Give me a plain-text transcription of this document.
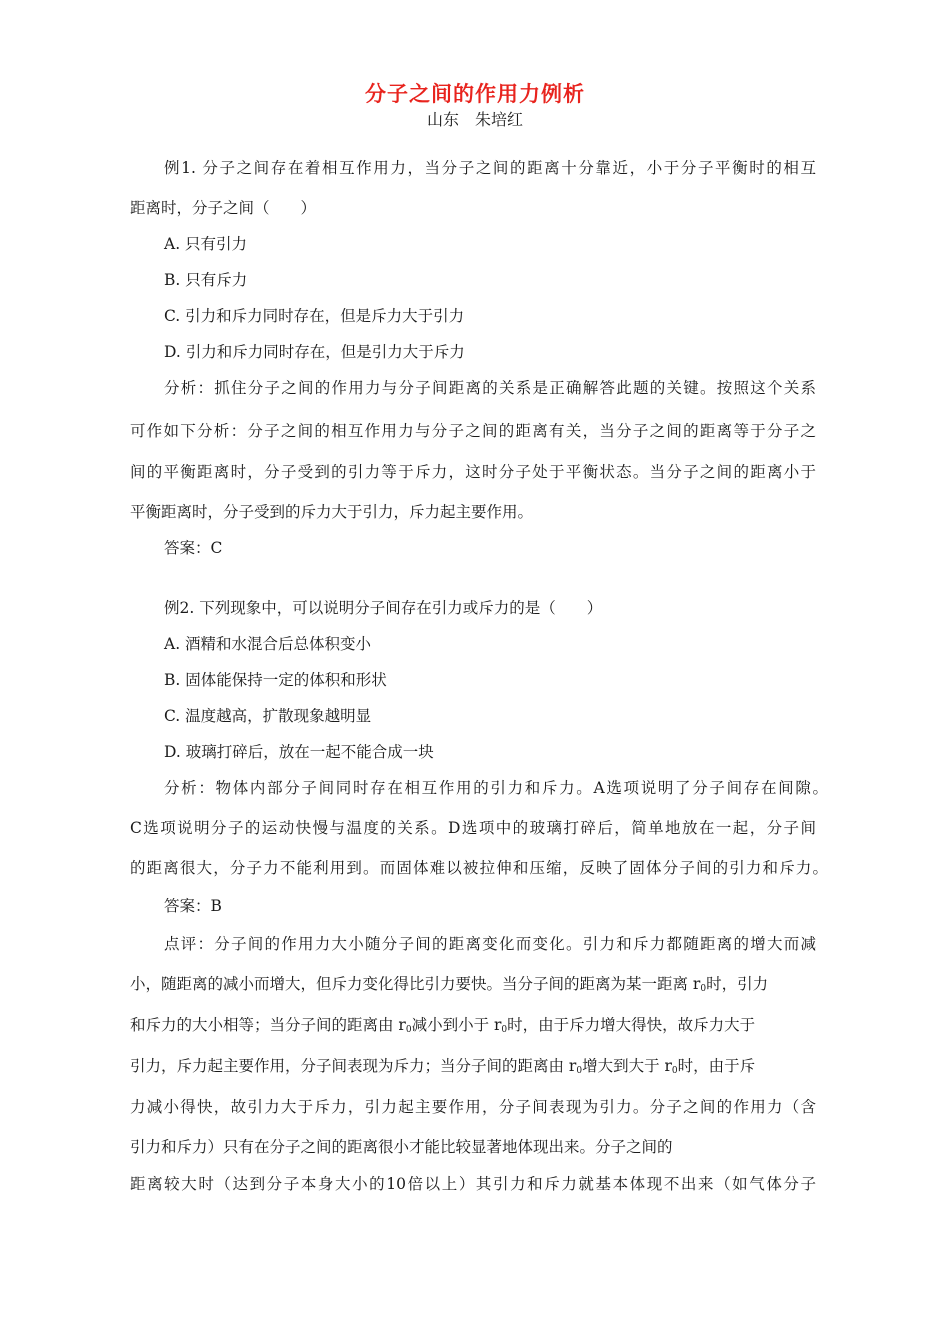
分子之间的作用力例析
山东　朱培红
例1. 分子之间存在着相互作用力，当分子之间的距离十分靠近，小于分子平衡时的相互
距离时，分子之间（　　）
A. 只有引力
B. 只有斥力
C. 引力和斥力同时存在，但是斥力大于引力
D. 引力和斥力同时存在，但是引力大于斥力
分析：抓住分子之间的作用力与分子间距离的关系是正确解答此题的关键。按照这个关系
可作如下分析：分子之间的相互作用力与分子之间的距离有关，当分子之间的距离等于分子之
间的平衡距离时，分子受到的引力等于斥力，这时分子处于平衡状态。当分子之间的距离小于
平衡距离时，分子受到的斥力大于引力，斥力起主要作用。
答案：C
例2. 下列现象中，可以说明分子间存在引力或斥力的是（　　）
A. 酒精和水混合后总体积变小
B. 固体能保持一定的体积和形状
C. 温度越高，扩散现象越明显
D. 玻璃打碎后，放在一起不能合成一块
分析：物体内部分子间同时存在相互作用的引力和斥力。A选项说明了分子间存在间隙。
C选项说明分子的运动快慢与温度的关系。D选项中的玻璃打碎后，简单地放在一起，分子间
的距离很大，分子力不能利用到。而固体难以被拉伸和压缩，反映了固体分子间的引力和斥力。
答案：B
点评：分子间的作用力大小随分子间的距离变化而变化。引力和斥力都随距离的增大而减
小，随距离的减小而增大，但斥力变化得比引力要快。当分子间的距离为某一距离 $r_0$时，引力
和斥力的大小相等；当分子间的距离由 $r_0$减小到小于 $r_0$时，由于斥力增大得快，故斥力大于
引力，斥力起主要作用，分子间表现为斥力；当分子间的距离由 $r_0$增大到大于 $r_0$时，由于斥
力减小得快，故引力大于斥力，引力起主要作用，分子间表现为引力。分子之间的作用力（含
引力和斥力）只有在分子之间的距离很小才能比较显著地体现出来。分子之间的
距离较大时（达到分子本身大小的10倍以上）其引力和斥力就基本体现不出来（如气体分子
